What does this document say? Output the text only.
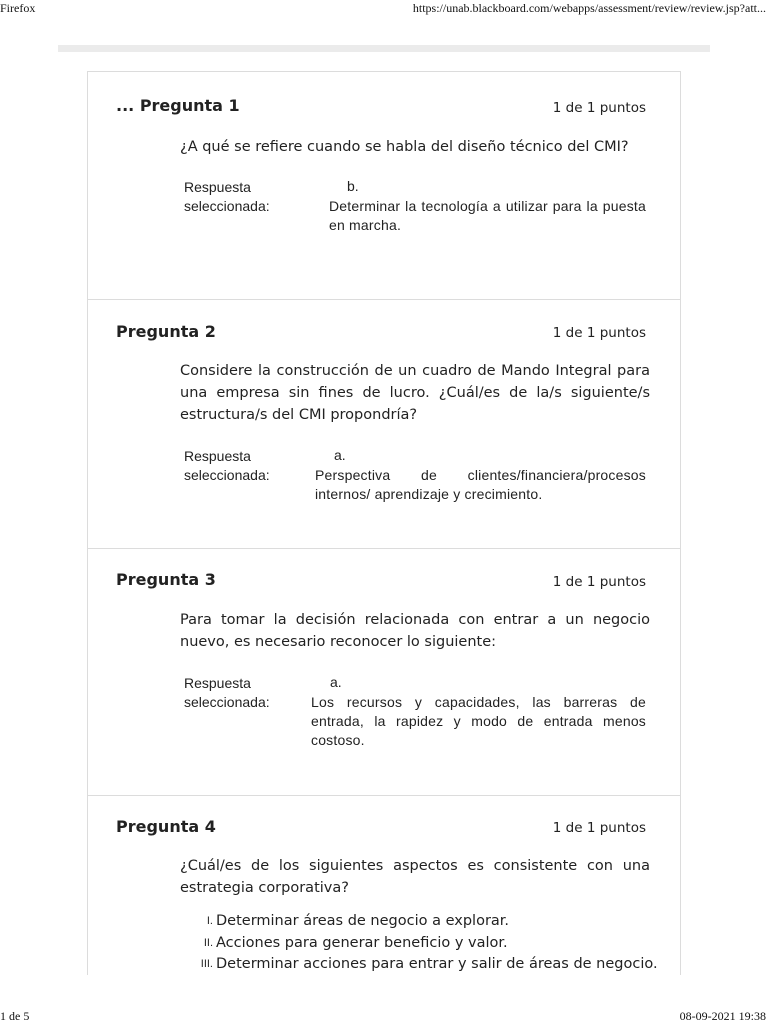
Firefox	https://unab.blackboard.com/webapps/assessment/review/review.jsp?att...
... Pregunta 1	1 de 1 puntos
¿A qué se refiere cuando se habla del diseño técnico del CMI?
Respuesta
seleccionada:
b.
Determinar la tecnología a utilizar para la puesta en marcha.
Pregunta 2	1 de 1 puntos
Considere la construcción de un cuadro de Mando Integral para una empresa sin fines de lucro. ¿Cuál/es de la/s siguiente/s estructura/s del CMI propondría?
Respuesta
seleccionada:
a.
Perspectiva de clientes/financiera/procesos internos/ aprendizaje y crecimiento.
Pregunta 3	1 de 1 puntos
Para tomar la decisión relacionada con entrar a un negocio nuevo, es necesario reconocer lo siguiente:
Respuesta
seleccionada:
a.
Los recursos y capacidades, las barreras de entrada, la rapidez y modo de entrada menos costoso.
Pregunta 4	1 de 1 puntos
¿Cuál/es de los siguientes aspectos es consistente con una estrategia corporativa?
I. Determinar áreas de negocio a explorar.
II. Acciones para generar beneficio y valor.
III. Determinar acciones para entrar y salir de áreas de negocio.
1 de 5	08-09-2021 19:38
